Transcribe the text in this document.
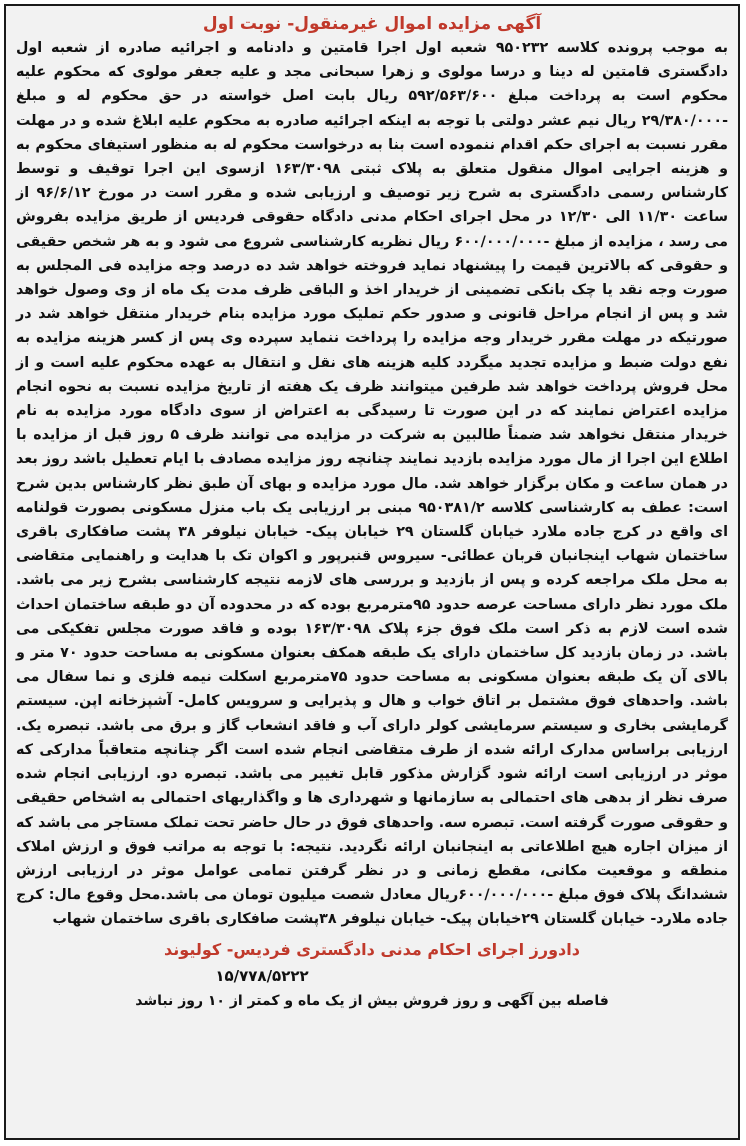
آگهی مزایده اموال غیرمنقول- نوبت اول

به موجب پرونده کلاسه ۹۵۰۲۳۲ شعبه اول اجرا قامتین و دادنامه و اجرائیه صادره از شعبه اول دادگستری قامتین له دینا و درسا مولوی و زهرا سبحانی مجد و علیه جعفر مولوی که محکوم علیه محکوم است به پرداخت مبلغ ۵۹۲/۵۶۳/۶۰۰ ریال بابت اصل خواسته در حق محکوم له و مبلغ -۲۹/۳۸۰/۰۰۰ ریال نیم عشر دولتی با توجه به اینکه اجرائیه صادره به محکوم علیه ابلاغ شده و در مهلت مقرر نسبت به اجرای حکم اقدام ننموده است بنا به درخواست محکوم له به منظور استیفای محکوم به و هزینه اجرایی اموال منقول متعلق به پلاک ثبتی ۱۶۳/۳۰۹۸ ازسوی این اجرا توقیف و توسط کارشناس رسمی دادگستری به شرح زیر توصیف و ارزیابی شده و مقرر است در مورخ ۹۶/۶/۱۲ از ساعت ۱۱/۳۰ الی ۱۲/۳۰ در محل اجرای احکام مدنی دادگاه حقوقی فردیس از طریق مزایده بفروش می رسد ، مزایده از مبلغ -۶۰۰/۰۰۰/۰۰۰ ریال نظریه کارشناسی شروع می شود و به هر شخص حقیقی و حقوقی که بالاترین قیمت را پیشنهاد نماید فروخته خواهد شد ده درصد وجه مزایده فی المجلس به صورت وجه نقد یا چک بانکی تضمینی از خریدار اخذ و الباقی ظرف مدت یک ماه از وی وصول خواهد شد و پس از انجام مراحل قانونی و صدور حکم تملیک مورد مزایده بنام خریدار منتقل خواهد شد در صورتیکه در مهلت مقرر خریدار وجه مزایده را پرداخت ننماید سپرده وی پس از کسر هزینه مزایده به نفع دولت ضبط و مزایده تجدید میگردد کلیه هزینه های نقل و انتقال به عهده محکوم علیه است و از محل فروش پرداخت خواهد شد طرفین میتوانند ظرف یک هفته از تاریخ مزایده نسبت به نحوه انجام مزایده اعتراض نمایند که در این صورت تا رسیدگی به اعتراض از سوی دادگاه مورد مزایده به نام خریدار منتقل نخواهد شد ضمناً طالبین به شرکت در مزایده می توانند ظرف ۵ روز قبل از مزایده با اطلاع این اجرا از مال مورد مزایده بازدید نمایند چنانچه روز مزایده مصادف با ایام تعطیل باشد روز بعد در همان ساعت و مکان برگزار خواهد شد. مال مورد مزایده و بهای آن طبق نظر کارشناس بدین شرح است: عطف به کارشناسی کلاسه ۹۵۰۳۸۱/۲ مبنی بر ارزیابی یک باب منزل مسکونی بصورت قولنامه ای واقع در کرج جاده ملارد خیابان گلستان ۲۹ خیابان پیک- خیابان نیلوفر ۳۸ پشت صافکاری باقری ساختمان شهاب اینجانبان قربان عطائی- سیروس قنبرپور و اکوان تک با هدایت و راهنمایی متقاضی به محل ملک مراجعه کرده و پس از بازدید و بررسی های لازمه نتیجه کارشناسی بشرح زیر می باشد. ملک مورد نظر دارای مساحت عرصه حدود ۹۵مترمربع بوده که در محدوده آن دو طبقه ساختمان احداث شده است لازم به ذکر است ملک فوق جزء پلاک ۱۶۳/۳۰۹۸ بوده و فاقد صورت مجلس تفکیکی می باشد. در زمان بازدید کل ساختمان دارای یک طبقه همکف بعنوان مسکونی به مساحت حدود ۷۰ متر و بالای آن یک طبقه بعنوان مسکونی به مساحت حدود ۷۵مترمربع اسکلت نیمه فلزی و نما سفال می باشد. واحدهای فوق مشتمل بر اتاق خواب و هال و پذیرایی و سرویس کامل- آشپزخانه اپن. سیستم گرمایشی بخاری و سیستم سرمایشی کولر دارای آب و فاقد انشعاب گاز و برق می باشد. تبصره یک. ارزیابی براساس مدارک ارائه شده از طرف متقاضی انجام شده است اگر چنانچه متعاقباً مدارکی که موثر در ارزیابی است ارائه شود گزارش مذکور قابل تغییر می باشد. تبصره دو. ارزیابی انجام شده صرف نظر از بدهی های احتمالی به سازمانها و شهرداری ها و واگذاریهای احتمالی به اشخاص حقیقی و حقوقی صورت گرفته است. تبصره سه. واحدهای فوق در حال حاضر تحت تملک مستاجر می باشد که از میزان اجاره هیچ اطلاعاتی به اینجانبان ارائه نگردید. نتیجه: با توجه به مراتب فوق و ارزش املاک منطقه و موقعیت مکانی، مقطع زمانی و در نظر گرفتن تمامی عوامل موثر در ارزیابی ارزش ششدانگ پلاک فوق مبلغ -۶۰۰/۰۰۰/۰۰۰ریال معادل شصت میلیون تومان می باشد.محل وقوع مال: کرج جاده ملارد- خیابان گلستان ۲۹خیابان پیک- خیابان نیلوفر ۳۸پشت صافکاری باقری ساختمان شهاب

دادورز اجرای احکام مدنی دادگستری فردیس- کولیوند
۱۵/۷۷۸/۵۲۲۲
فاصله بین آگهی و روز فروش بیش از یک ماه و کمتر از ۱۰ روز نباشد
